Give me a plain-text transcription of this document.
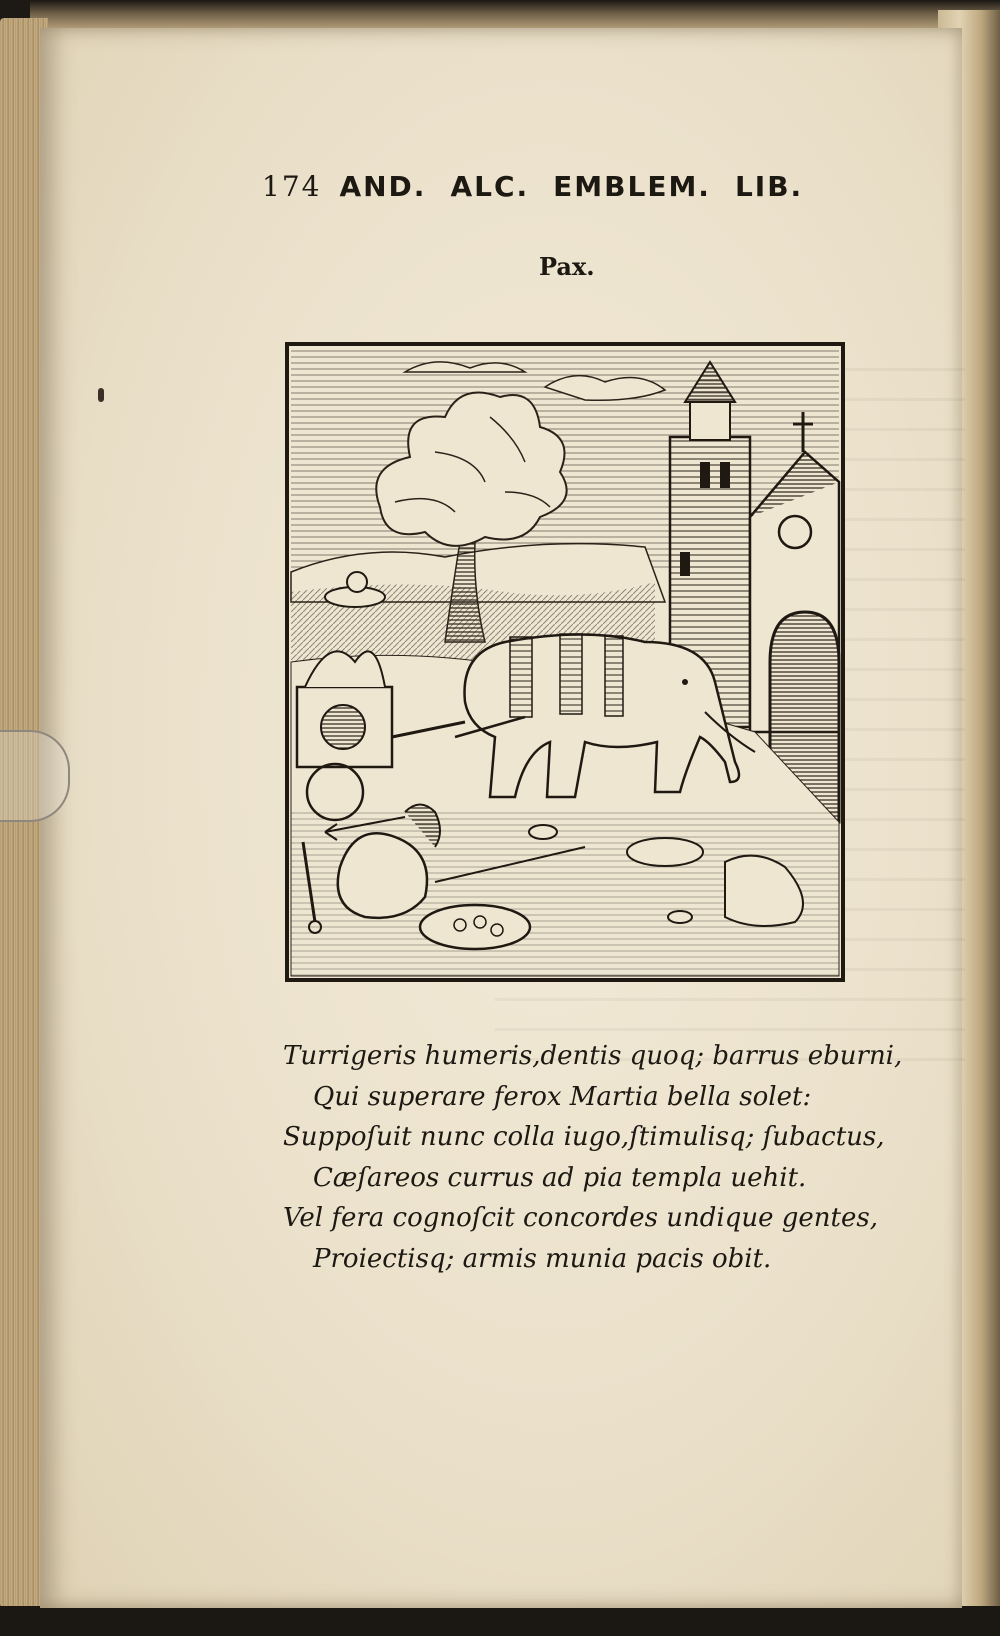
174 AND. ALC. EMBLEM. LIB.
Pax.
Turrigeris humeris,dentis quoq; barrus eburni,
Qui superare ferox Martia bella solet:
Suppoſuit nunc colla iugo,ſtimulisq; ſubactus,
Cæſareos currus ad pia templa uehit.
Vel fera cognoſcit concordes undique gentes,
Proiectisq; armis munia pacis obit.
